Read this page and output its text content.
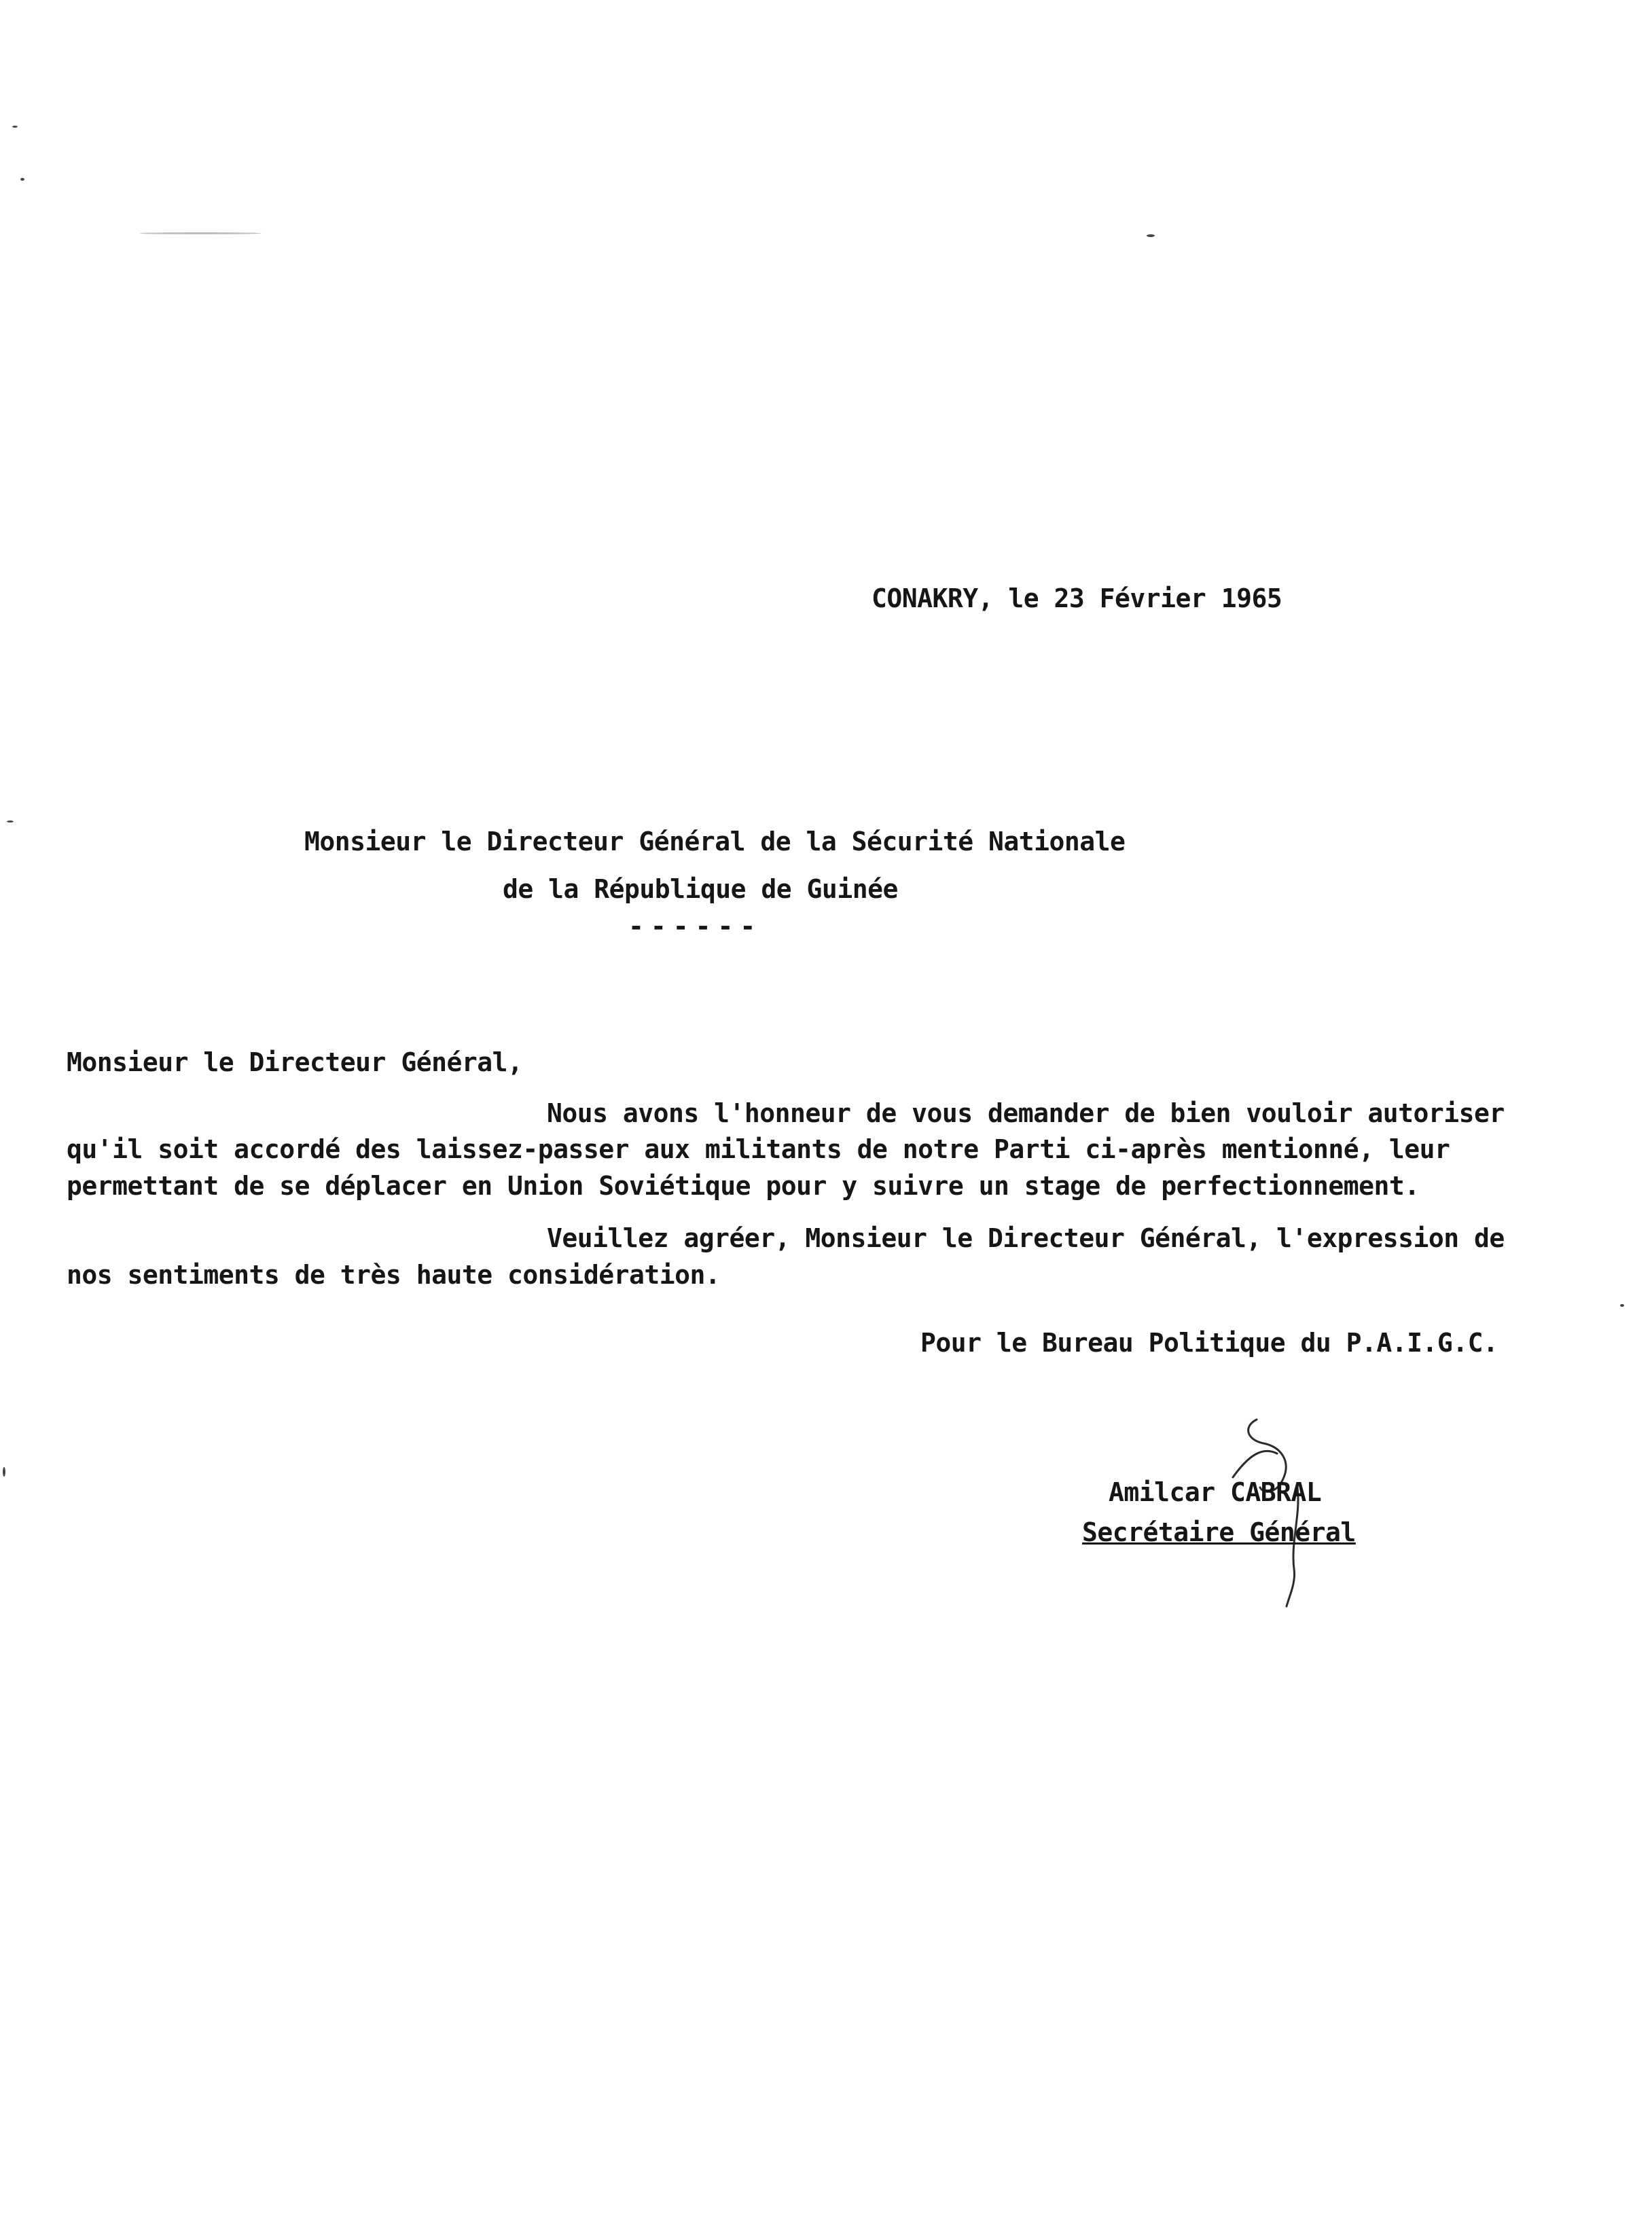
CONAKRY, le 23 Février 1965
Monsieur le Directeur Général de la Sécurité Nationale
de la République de Guinée
------
Monsieur le Directeur Général,
Nous avons l'honneur de vous demander de bien vouloir autoriser
qu'il soit accordé des laissez-passer aux militants de notre Parti ci-après mentionné, leur
permettant de se déplacer en Union Soviétique pour y suivre un stage de perfectionnement.
Veuillez agréer, Monsieur le Directeur Général, l'expression de
nos sentiments de très haute considération.
Pour le Bureau Politique du P.A.I.G.C.
Amilcar CABRAL
Secrétaire Général
